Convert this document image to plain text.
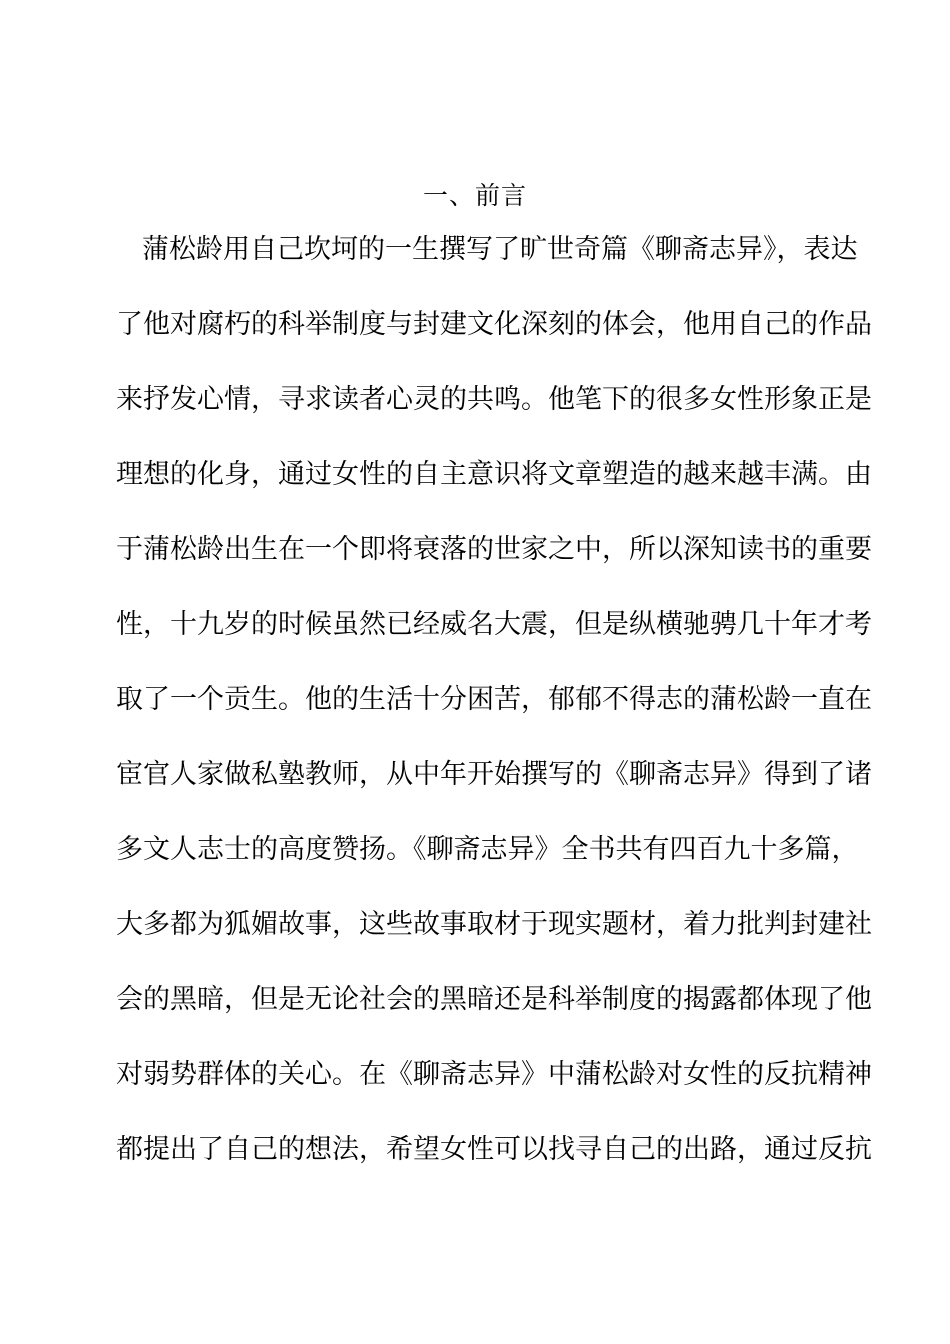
一、前言
蒲松龄用自己坎坷的一生撰写了旷世奇篇《聊斋志异》，表达
了他对腐朽的科举制度与封建文化深刻的体会，他用自己的作品
来抒发心情，寻求读者心灵的共鸣。他笔下的很多女性形象正是
理想的化身，通过女性的自主意识将文章塑造的越来越丰满。由
于蒲松龄出生在一个即将衰落的世家之中，所以深知读书的重要
性，十九岁的时候虽然已经威名大震，但是纵横驰骋几十年才考
取了一个贡生。他的生活十分困苦，郁郁不得志的蒲松龄一直在
宦官人家做私塾教师，从中年开始撰写的《聊斋志异》得到了诸
多文人志士的高度赞扬。《聊斋志异》全书共有四百九十多篇，
大多都为狐媚故事，这些故事取材于现实题材，着力批判封建社
会的黑暗，但是无论社会的黑暗还是科举制度的揭露都体现了他
对弱势群体的关心。在《聊斋志异》中蒲松龄对女性的反抗精神
都提出了自己的想法，希望女性可以找寻自己的出路，通过反抗
